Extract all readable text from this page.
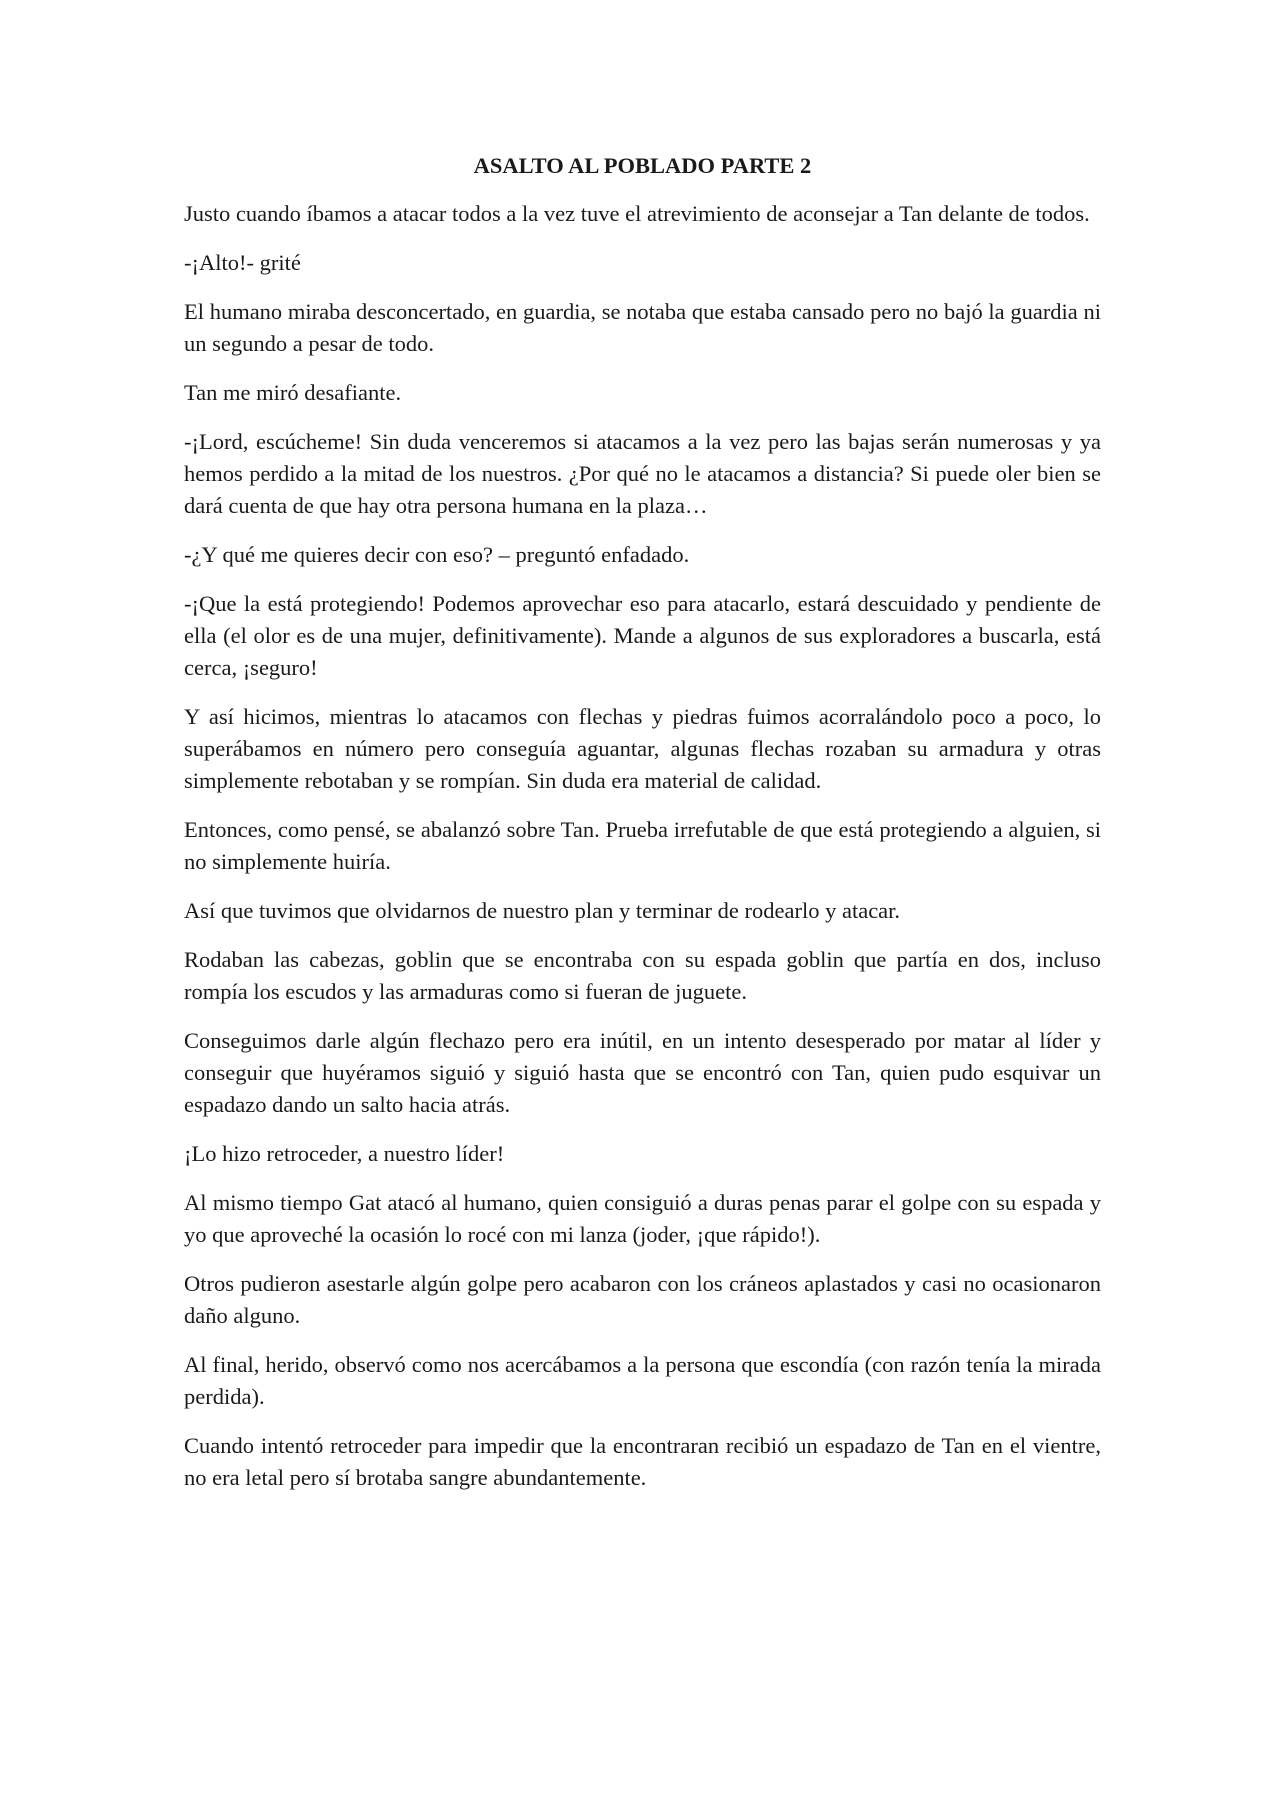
ASALTO AL POBLADO PARTE 2

Justo cuando íbamos a atacar todos a la vez tuve el atrevimiento de aconsejar a Tan delante de todos.

-¡Alto!- grité

El humano miraba desconcertado, en guardia, se notaba que estaba cansado pero no bajó la guardia ni un segundo a pesar de todo.

Tan me miró desafiante.

-¡Lord, escúcheme! Sin duda venceremos si atacamos a la vez pero las bajas serán numerosas y ya hemos perdido a la mitad de los nuestros. ¿Por qué no le atacamos a distancia? Si puede oler bien se dará cuenta de que hay otra persona humana en la plaza…

-¿Y qué me quieres decir con eso? – preguntó enfadado.

-¡Que la está protegiendo! Podemos aprovechar eso para atacarlo, estará descuidado y pendiente de ella (el olor es de una mujer, definitivamente). Mande a algunos de sus exploradores a buscarla, está cerca, ¡seguro!

Y así hicimos, mientras lo atacamos con flechas y piedras fuimos acorralándolo poco a poco, lo superábamos en número pero conseguía aguantar, algunas flechas rozaban su armadura y otras simplemente rebotaban y se rompían. Sin duda era material de calidad.

Entonces, como pensé, se abalanzó sobre Tan. Prueba irrefutable de que está protegiendo a alguien, si no simplemente huiría.

Así que tuvimos que olvidarnos de nuestro plan y terminar de rodearlo y atacar.

Rodaban las cabezas, goblin que se encontraba con su espada goblin que partía en dos, incluso rompía los escudos y las armaduras como si fueran de juguete.

Conseguimos darle algún flechazo pero era inútil, en un intento desesperado por matar al líder y conseguir que huyéramos siguió y siguió hasta que se encontró con Tan, quien pudo esquivar un espadazo dando un salto hacia atrás.

¡Lo hizo retroceder, a nuestro líder!

Al mismo tiempo Gat atacó al humano, quien consiguió a duras penas parar el golpe con su espada y yo que aproveché la ocasión lo rocé con mi lanza (joder, ¡que rápido!).

Otros pudieron asestarle algún golpe pero acabaron con los cráneos aplastados y casi no ocasionaron daño alguno.

Al final, herido, observó como nos acercábamos a la persona que escondía (con razón tenía la mirada perdida).

Cuando intentó retroceder para impedir que la encontraran recibió un espadazo de Tan en el vientre, no era letal pero sí brotaba sangre abundantemente.
